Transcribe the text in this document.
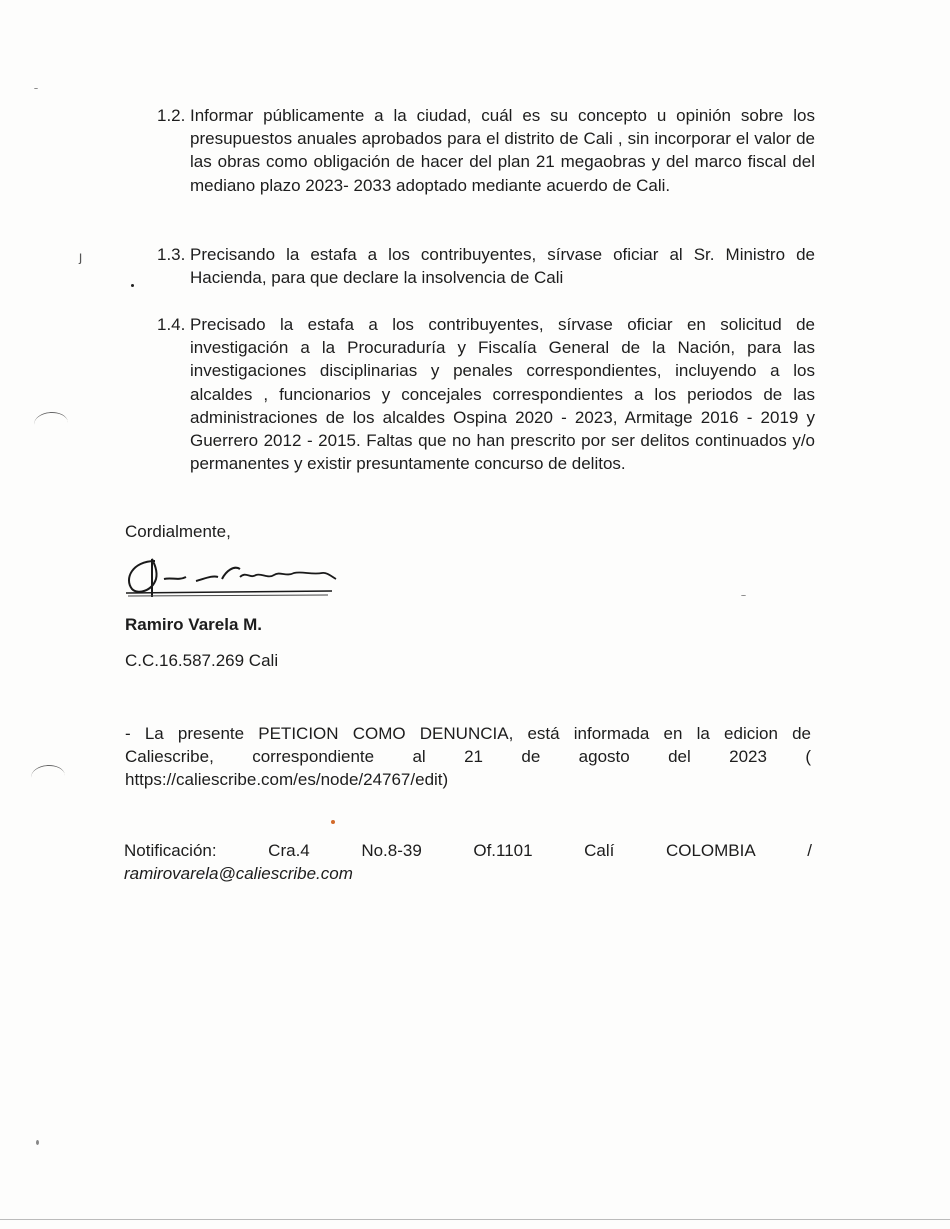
ȷ
1.2. Informar públicamente a la ciudad, cuál es su concepto u opinión sobre los presupuestos anuales aprobados para el distrito de Cali , sin incorporar el valor de las obras como obligación de hacer del plan 21 megaobras y del marco fiscal del mediano plazo 2023- 2033 adoptado mediante acuerdo de Cali.
1.3. Precisando la estafa a los contribuyentes, sírvase oficiar al Sr. Ministro de Hacienda, para que declare la insolvencia de Cali
1.4. Precisado la estafa a los contribuyentes, sírvase oficiar en solicitud de investigación a la Procuraduría y Fiscalía General de la Nación, para las investigaciones disciplinarias y penales correspondientes, incluyendo a los alcaldes , funcionarios y concejales correspondientes a los periodos de las administraciones de los alcaldes Ospina 2020 - 2023, Armitage 2016 - 2019 y Guerrero 2012 - 2015. Faltas que no han prescrito por ser delitos continuados y/o permanentes y existir presuntamente concurso de delitos.
Cordialmente,
Ramiro Varela M.
C.C.16.587.269 Cali
- La presente PETICION COMO DENUNCIA, está informada en la edicion de
Caliescribe, correspondiente al 21 de agosto del 2023 (
https://caliescribe.com/es/node/24767/edit)
Notificación:	Cra.4	No.8-39	Of.1101	Calí	COLOMBIA	/
ramirovarela@caliescribe.com
